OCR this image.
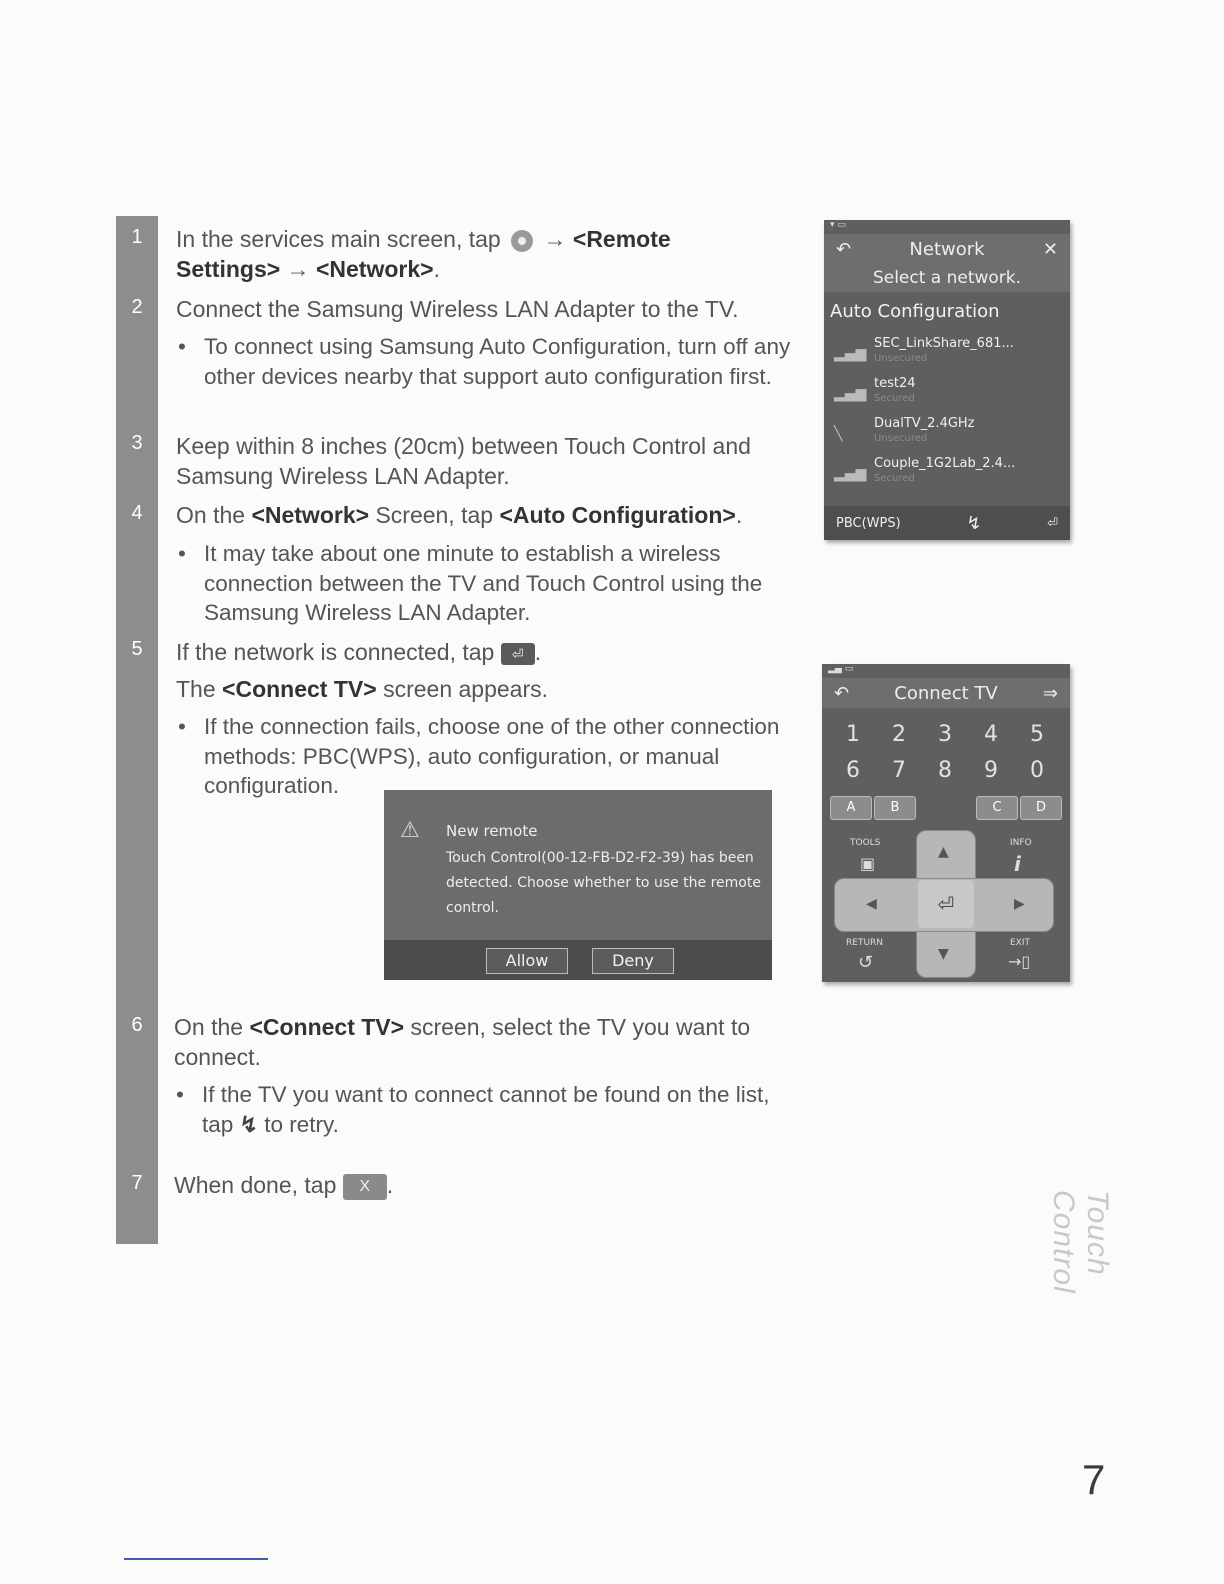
1
2
3
4
5
6
7
In the services main screen, tap → <Remote
Settings> → <Network>.
Connect the Samsung Wireless LAN Adapter to the TV.
• To connect using Samsung Auto Configuration, turn off any other devices nearby that support auto configuration first.
Keep within 8 inches (20cm) between Touch Control and Samsung Wireless LAN Adapter.
On the <Network> Screen, tap <Auto Configuration>.
• It may take about one minute to establish a wireless connection between the TV and Touch Control using the Samsung Wireless LAN Adapter.
If the network is connected, tap ⏎ .
The <Connect TV> screen appears.
• If the connection fails, choose one of the other connection methods: PBC(WPS), auto configuration, or manual configuration.
⚠ New remote
Touch Control(00-12-FB-D2-F2-39) has been detected. Choose whether to use the remote control.
Allow	Deny
On the <Connect TV> screen, select the TV you want to connect.
• If the TV you want to connect cannot be found on the list,
tap ↯ to retry.
When done, tap X .
▾ ▭
↶	Network	✕
Select a network.
Auto Configuration
▂▄▆
SEC_LinkShare_681...
Unsecured
▂▄▆
test24
Secured
╲
DualTV_2.4GHz
Unsecured
▂▄▆
Couple_1G2Lab_2.4...
Secured
PBC(WPS)	↯	⏎
▂▄ ▭
↶	Connect TV	⇒
1	2	3	4	5
6	7	8	9	0
A	B	C	D
TOOLS
▣
INFO
i
⏎
▲
▼
◀	▶
RETURN
↺
EXIT
→▯
Touch Control
7
